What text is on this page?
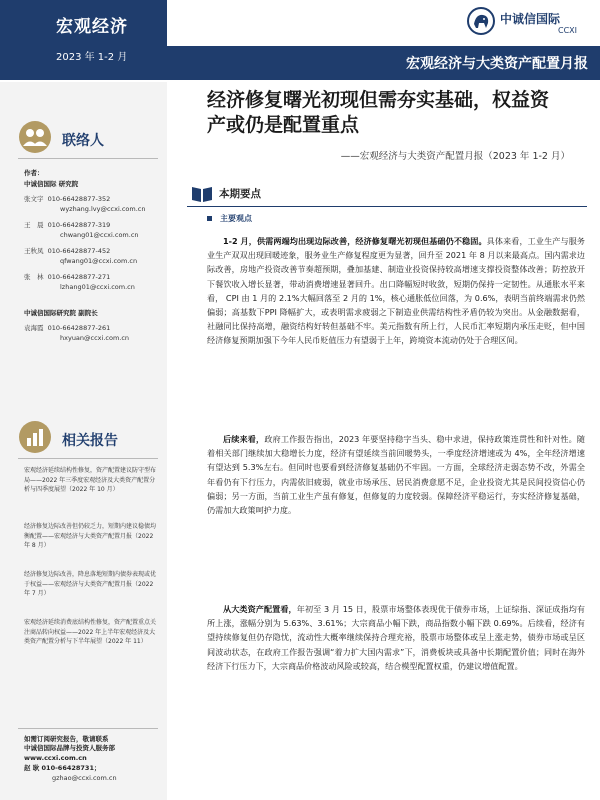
宏观经济
2023 年 1-2 月
中诚信国际
CCXI
宏观经济与大类资产配置月报
联络人
作者：
中诚信国际 研究院
张文宇 010-66428877-352
wyzhang.lvy@ccxi.com.cn
王　晨 010-66428877-319
chwang01@ccxi.com.cn
王秋凤 010-66428877-452
qfwang01@ccxi.com.cn
张　林 010-66428877-271
lzhang01@ccxi.com.cn
中诚信国际研究院 副院长
袁海霞 010-66428877-261
hxyuan@ccxi.com.cn
相关报告
宏观经济延续结构性修复，资产配置建议防守型布局——2022 年三季度宏观经济及大类资产配置分析与四季度展望（2022 年 10 月）
经济修复边际改善但仍较乏力，短期内建议稳债均衡配置——宏观经济与大类资产配置月报（2022 年 8 月）
经济修复边际改善，降息落地短期内债券表现或优于权益——宏观经济与大类资产配置月报（2022 年 7 月）
宏观经济延续消费底结构性修复，资产配置重点关注商品转向权益——2022 年上半年宏观经济及大类资产配置分析与下半年展望（2022 年 11）
如需订阅研究报告，敬请联系
中诚信国际品牌与投资人服务部
www.ccxi.com.cn
赵 耿 010-66428731；
gzhao@ccxi.com.cn
经济修复曙光初现但需夯实基础，权益资产或仍是配置重点
——宏观经济与大类资产配置月报（2023 年 1-2 月）
本期要点
主要观点
1-2 月，供需两端均出现边际改善，经济修复曙光初现但基础仍不稳固。具体来看，工业生产与服务业生产双双出现回暖迹象，服务业生产修复程度更为显著，回升至 2021 年 8 月以来最高点。国内需求边际改善，房地产投资改善节奏超预期，叠加基建、制造业投资保持较高增速支撑投资整体改善；防控放开下餐饮收入增长显著，带动消费增速显著回升。出口降幅短时收敛，短期仍保持一定韧性。从通胀水平来看， CPI 由 1 月的 2.1%大幅回落至 2 月的 1%，核心通胀低位回落，为 0.6%，表明当前终端需求仍然偏弱；高基数下PPI 降幅扩大，或表明需求疲弱之下制造业供需结构性矛盾仍较为突出。从金融数据看，社融同比保持高增，融资结构好转但基础不牢。美元指数有所上行，人民币汇率短期内承压走贬，但中国经济修复预期加强下今年人民币贬值压力有望弱于上年，跨境资本流动仍处于合理区间。
后续来看，政府工作报告指出，2023 年要坚持稳字当头、稳中求进，保持政策连贯性和针对性。随着相关部门继续加大稳增长力度，经济有望延续当前回暖势头，一季度经济增速或为 4%，全年经济增速有望达到 5.3%左右。但同时也要看到经济修复基础仍不牢固。一方面，全球经济走弱态势不改，外需全年看仍有下行压力，内需依旧疲弱，就业市场承压、居民消费意愿不足，企业投资尤其是民间投资信心仍偏弱；另一方面，当前工业生产虽有修复，但修复的力度较弱。保障经济平稳运行，夯实经济修复基础，仍需加大政策呵护力度。
从大类资产配置看，年初至 3 月 15 日，股票市场整体表现优于债券市场，上证综指、深证成指均有所上涨，涨幅分别为 5.63%、3.61%；大宗商品小幅下跌，商品指数小幅下跌 0.69%。后续看，经济有望持续修复但仍存隐忧，流动性大概率继续保持合理充裕，股票市场整体或呈上涨走势，债券市场或呈区间波动状态，在政府工作报告强调“着力扩大国内需求”下，消费板块或具备中长期配置价值；同时在海外经济下行压力下，大宗商品价格波动风险或较高，结合模型配置权重，仍建议增值配置。
